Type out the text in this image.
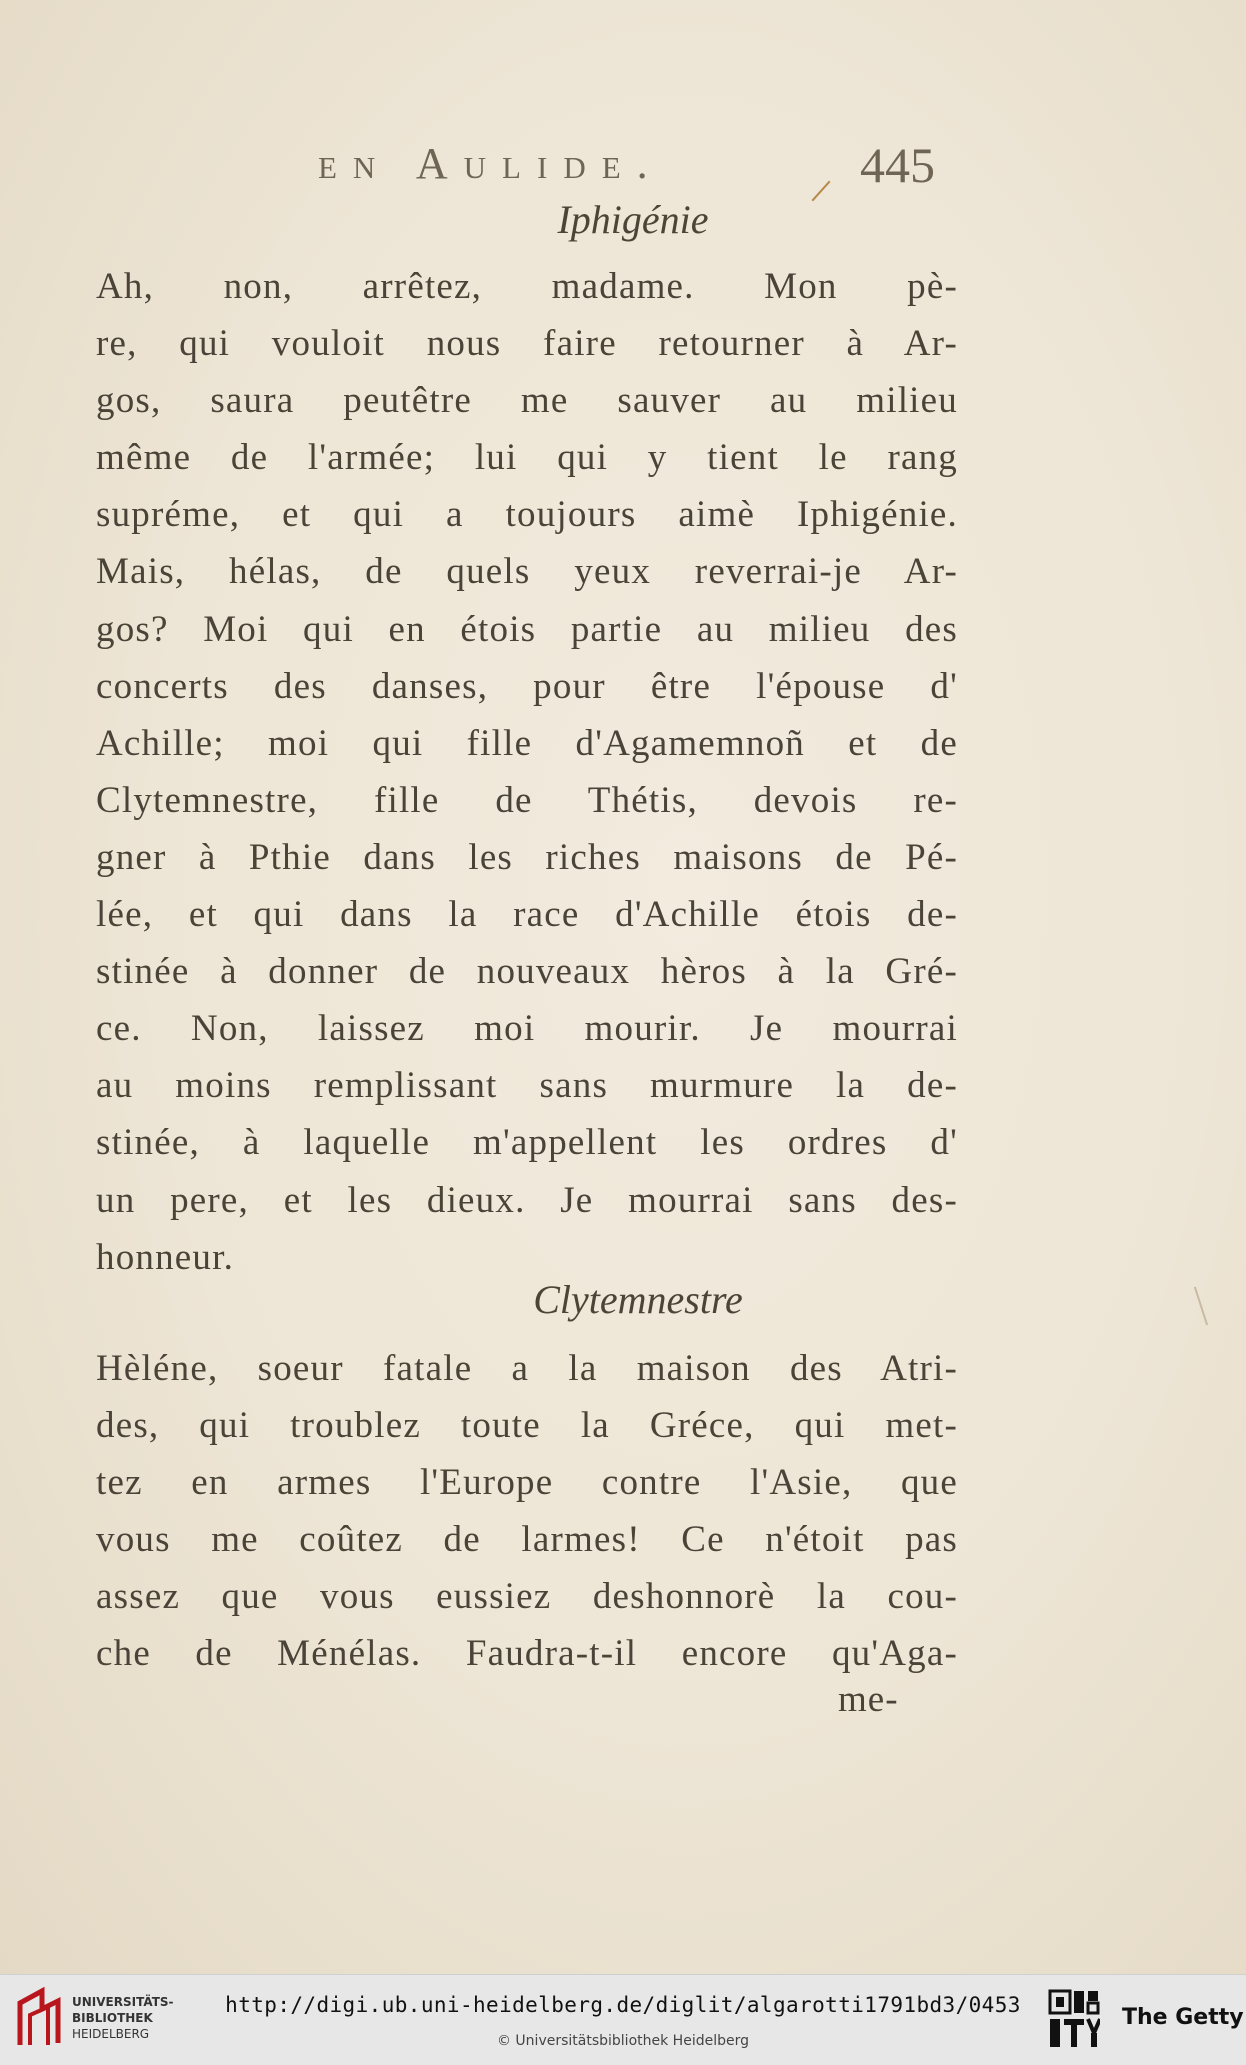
en Aulide.	445
Iphigénie
Ah, non, arrêtez, madame. Mon pè-
re, qui vouloit nous faire retourner à Ar-
gos, saura peutêtre me sauver au milieu
même de l'armée; lui qui y tient le rang
supréme, et qui a toujours aimè Iphigénie.
Mais, hélas, de quels yeux reverrai-je Ar-
gos? Moi qui en étois partie au milieu des
concerts des danses, pour être l'épouse d'
Achille; moi qui fille d'Agamemnoñ et de
Clytemnestre, fille de Thétis, devois re-
gner à Pthie dans les riches maisons de Pé-
lée, et qui dans la race d'Achille étois de-
stinée à donner de nouveaux hèros à la Gré-
ce. Non, laissez moi mourir. Je mourrai
au moins remplissant sans murmure la de-
stinée, à laquelle m'appellent les ordres d'
un pere, et les dieux. Je mourrai sans des-
honneur.
Clytemnestre
Hèléne, soeur fatale a la maison des Atri-
des, qui troublez toute la Gréce, qui met-
tez en armes l'Europe contre l'Asie, que
vous me coûtez de larmes! Ce n'étoit pas
assez que vous eussiez deshonnorè la cou-
che de Ménélas. Faudra-t-il encore qu'Aga-
me-
UNIVERSITÄTS-
BIBLIOTHEK
HEIDELBERG
http://digi.ub.uni-heidelberg.de/diglit/algarotti1791bd3/0453
© Universitätsbibliothek Heidelberg
The Getty
